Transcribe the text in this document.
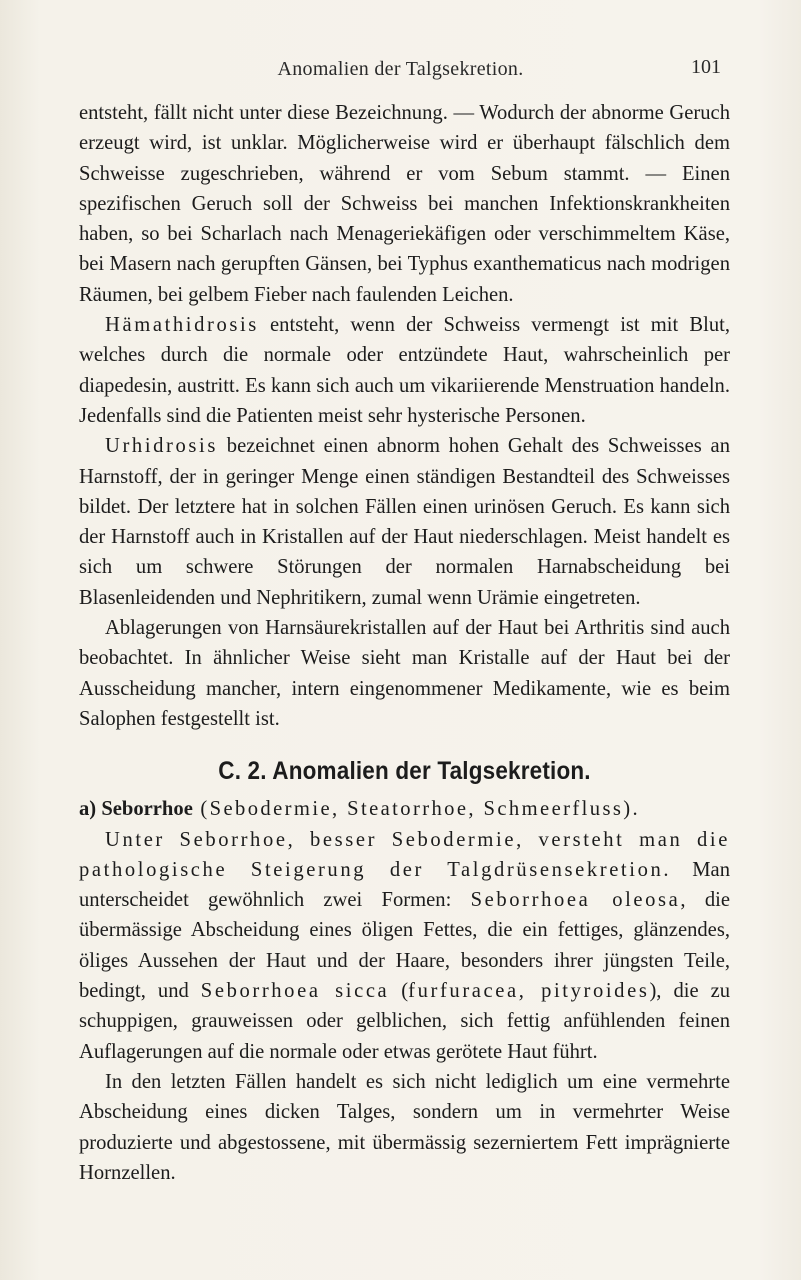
Anomalien der Talgsekretion.	101

entsteht, fällt nicht unter diese Bezeichnung. — Wodurch der abnorme Geruch erzeugt wird, ist unklar. Möglicherweise wird er überhaupt fälschlich dem Schweisse zugeschrieben, während er vom Sebum stammt. — Einen spezifischen Geruch soll der Schweiss bei manchen Infektionskrankheiten haben, so bei Scharlach nach Menageriekäfigen oder verschimmeltem Käse, bei Masern nach gerupften Gänsen, bei Typhus exanthematicus nach modrigen Räumen, bei gelbem Fieber nach faulenden Leichen.

Hämathidrosis entsteht, wenn der Schweiss vermengt ist mit Blut, welches durch die normale oder entzündete Haut, wahrscheinlich per diapedesin, austritt. Es kann sich auch um vikariierende Menstruation handeln. Jedenfalls sind die Patienten meist sehr hysterische Personen.

Urhidrosis bezeichnet einen abnorm hohen Gehalt des Schweisses an Harnstoff, der in geringer Menge einen ständigen Bestandteil des Schweisses bildet. Der letztere hat in solchen Fällen einen urinösen Geruch. Es kann sich der Harnstoff auch in Kristallen auf der Haut niederschlagen. Meist handelt es sich um schwere Störungen der normalen Harnabscheidung bei Blasenleidenden und Nephritikern, zumal wenn Urämie eingetreten.

Ablagerungen von Harnsäurekristallen auf der Haut bei Arthritis sind auch beobachtet. In ähnlicher Weise sieht man Kristalle auf der Haut bei der Ausscheidung mancher, intern eingenommener Medikamente, wie es beim Salophen festgestellt ist.

C. 2. Anomalien der Talgsekretion.

a) Seborrhoe (Sebodermie, Steatorrhoe, Schmeerfluss).

Unter Seborrhoe, besser Sebodermie, versteht man die pathologische Steigerung der Talgdrüsensekretion. Man unterscheidet gewöhnlich zwei Formen: Seborrhoea oleosa, die übermässige Abscheidung eines öligen Fettes, die ein fettiges, glänzendes, öliges Aussehen der Haut und der Haare, besonders ihrer jüngsten Teile, bedingt, und Seborrhoea sicca (furfuracea, pityroides), die zu schuppigen, grauweissen oder gelblichen, sich fettig anfühlenden feinen Auflagerungen auf die normale oder etwas gerötete Haut führt.

In den letzten Fällen handelt es sich nicht lediglich um eine vermehrte Abscheidung eines dicken Talges, sondern um in vermehrter Weise produzierte und abgestossene, mit übermässig sezerniertem Fett imprägnierte Hornzellen.
